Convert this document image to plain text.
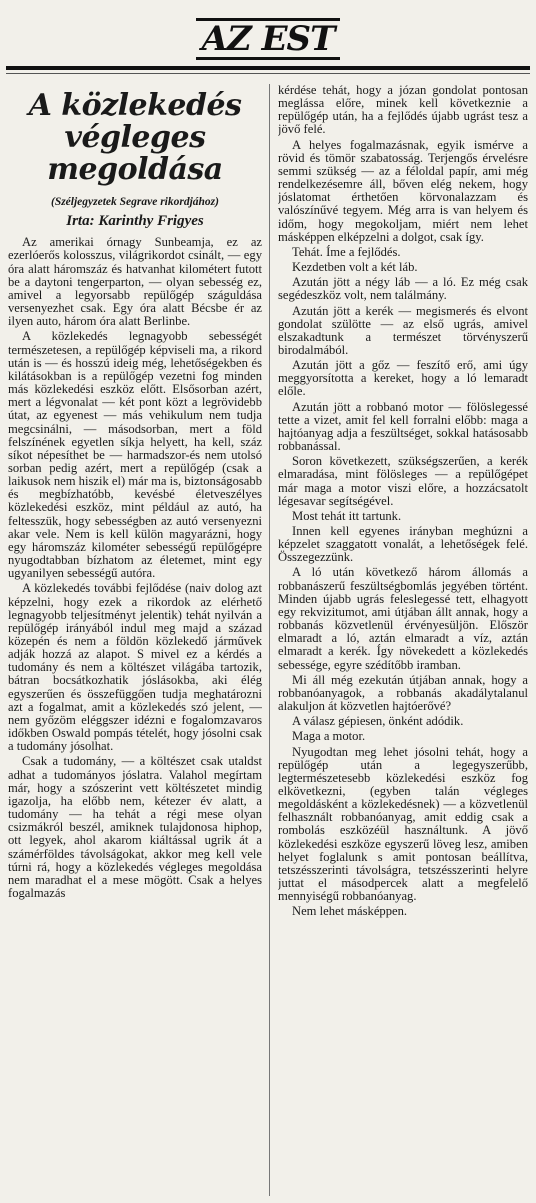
AZ EST
A közlekedés végleges megoldása
(Széljegyzetek Segrave rikordjához)
Irta: Karinthy Frigyes

Az amerikai órnagy Sunbeamja, ez az ezerlóerős kolosszus, világrikordot csinált, — egy óra alatt háromszáz és hatvanhat kilométert futott be a daytoni tengerparton, — olyan sebesség ez, amivel a legyorsabb repülőgép száguldása versenyezhet csak. Egy óra alatt Bécsbe ér az ilyen auto, három óra alatt Berlinbe.

A közlekedés legnagyobb sebességét természetesen, a repülőgép képviseli ma, a rikord után is — és hosszú ideig még, lehetőségekben és kilátásokban is a repülőgép vezetni fog minden más közlekedési eszköz előtt. Elsősorban azért, mert a légvonalat — két pont közt a legrövidebb útat, az egyenest — más vehikulum nem tudja megcsinálni, — másodsorban, mert a föld felszínének egyetlen síkja helyett, ha kell, száz síkot népesíthet be — harmadszor-és nem utolsó sorban pedig azért, mert a repülőgép (csak a laikusok nem hiszik el) már ma is, biztonságosabb és megbízhatóbb, kevésbé életveszélyes közlekedési eszköz, mint például az autó, ha feltesszük, hogy sebességben az autó versenyezni akar vele. Nem is kell külön magyarázni, hogy egy háromszáz kilométer sebességű repülőgépre nyugodtabban bízhatom az életemet, mint egy ugyanilyen sebességű autóra.

A közlekedés további fejlődése (naiv dolog azt képzelni, hogy ezek a rikordok az elérhető legnagyobb teljesítményt jelentik) tehát nyilván a repülőgép irányából indul meg majd a század közepén és nem a földön közlekedő járművek adják hozzá az alapot. S mivel ez a kérdés a tudomány és nem a költészet világába tartozik, bátran bocsátkozhatik jóslásokba, aki élég egyszerűen és összefüggően tudja meghatározni azt a fogalmat, amit a közlekedés szó jelent, — nem győzöm eléggszer idézni e fogalomzavaros időkben Oswald pompás tételét, hogy jósolni csak a tudomány jósolhat.

Csak a tudomány, — a költészet csak utaldst adhat a tudományos jóslatra. Valahol megírtam már, hogy a szószerint vett költészetet mindig igazolja, ha előbb nem, kétezer év alatt, a tudomány — ha tehát a régi mese olyan csizmákról beszél, amiknek tulajdonosa hiphop, ott legyek, ahol akarom kiáltással ugrik át a számérföldes távolságokat, akkor meg kell vele túrni rá, hogy a közlekedés végleges megoldása nem maradhat el a mese mögött. Csak a helyes fogalmazás

kérdése tehát, hogy a józan gondolat pontosan meglássa előre, minek kell következnie a repülőgép után, ha a fejlődés újabb ugrást tesz a jövő felé.

A helyes fogalmazásnak, egyik ismérve a rövid és tömör szabatosság. Terjengős érvelésre semmi szükség — az a féloldal papír, ami még rendelkezésemre áll, bőven elég nekem, hogy jóslatomat érthetően körvonalazzam és valószínűvé tegyem. Még arra is van helyem és időm, hogy megokoljam, miért nem lehet másképpen elképzelni a dolgot, csak így.

Tehát. Íme a fejlődés.

Kezdetben volt a két láb.

Azután jött a négy láb — a ló. Ez még csak segédeszköz volt, nem találmány.

Azután jött a kerék — megismerés és elvont gondolat szülötte — az első ugrás, amivel elszakadtunk a természet törvényszerű birodalmából.

Azután jött a gőz — feszítő erő, ami úgy meggyorsította a kereket, hogy a ló lemaradt előle.

Azután jött a robbanó motor — fölöslegessé tette a vizet, amit fel kell forralni előbb: maga a hajtóanyag adja a feszültséget, sokkal hatásosabb robbanással.

Soron következett, szükségszerűen, a kerék elmaradása, mint fölösleges — a repülőgépet már maga a motor viszi előre, a hozzácsatolt légesavar segítségével.

Most tehát itt tartunk.

Innen kell egyenes irányban meghúzni a képzelet szaggatott vonalát, a lehetőségek felé. Összegezzünk.

A ló után következő három állomás a robbanászerű feszültségbomlás jegyében történt. Minden újabb ugrás feleslegessé tett, elhagyott egy rekvizitumot, ami útjában állt annak, hogy a robbanás közvetlenül érvényesüljön. Először elmaradt a ló, aztán elmaradt a víz, aztán elmaradt a kerék. Így növekedett a közlekedés sebessége, egyre szédítőbb iramban.

Mi áll még ezekután útjában annak, hogy a robbanóanyagok, a robbanás akadálytalanul alakuljon át közvetlen hajtóerővé?

A válasz gépiesen, önként adódik.

Maga a motor.

Nyugodtan meg lehet jósolni tehát, hogy a repülőgép után a legegyszerűbb, legtermészetesebb közlekedési eszköz fog elkövetkezni, (egyben talán végleges megoldásként a közlekedésnek) — a közvetlenül felhasznált robbanóanyag, amit eddig csak a rombolás eszközéül használtunk. A jövő közlekedési eszköze egyszerű löveg lesz, amiben helyet foglalunk s amit pontosan beállítva, tetszésszerinti távolságra, tetszésszerinti helyre juttat el másodpercek alatt a megfelelő mennyiségű robbanóanyag.

Nem lehet másképpen.
